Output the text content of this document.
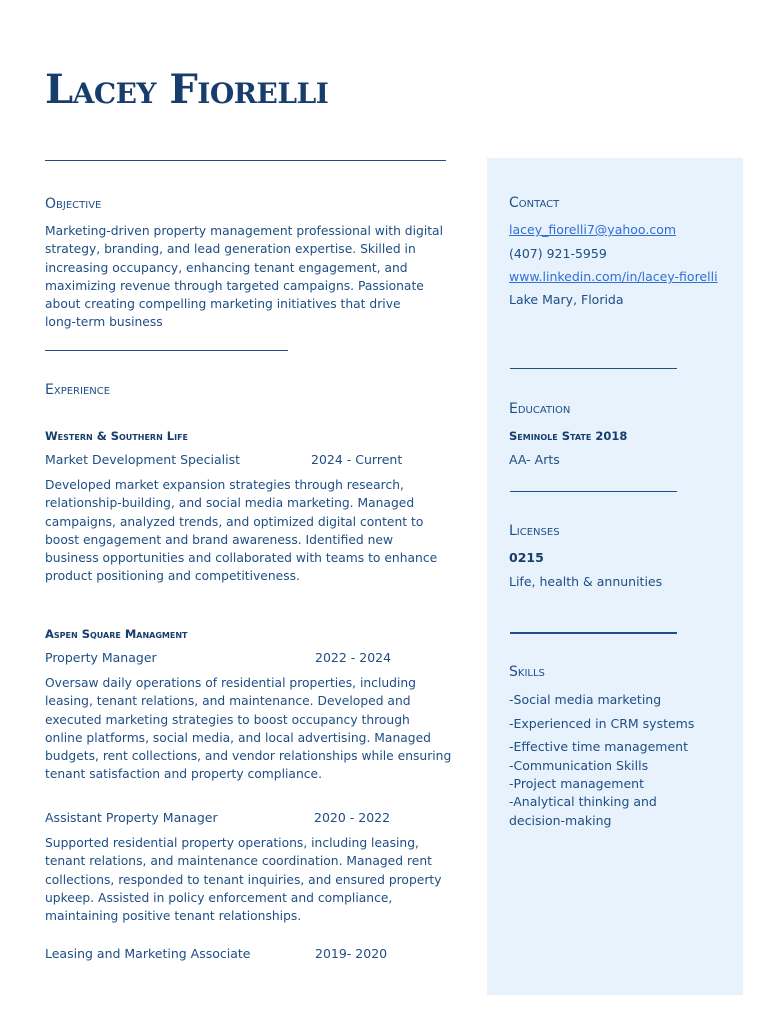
Lacey Fiorelli
Objective
Marketing-driven property management professional with digital
strategy, branding, and lead generation expertise. Skilled in
increasing occupancy, enhancing tenant engagement, and
maximizing revenue through targeted campaigns. Passionate
about creating compelling marketing initiatives that drive
long-term business
Experience
Western & Southern Life
Market Development Specialist	2024 - Current
Developed market expansion strategies through research,
relationship-building, and social media marketing. Managed
campaigns, analyzed trends, and optimized digital content to
boost engagement and brand awareness. Identified new
business opportunities and collaborated with teams to enhance
product positioning and competitiveness.
Aspen Square Managment
Property Manager	2022 - 2024
Oversaw daily operations of residential properties, including
leasing, tenant relations, and maintenance. Developed and
executed marketing strategies to boost occupancy through
online platforms, social media, and local advertising. Managed
budgets, rent collections, and vendor relationships while ensuring
tenant satisfaction and property compliance.
Assistant Property Manager	2020 - 2022
Supported residential property operations, including leasing,
tenant relations, and maintenance coordination. Managed rent
collections, responded to tenant inquiries, and ensured property
upkeep. Assisted in policy enforcement and compliance,
maintaining positive tenant relationships.
Leasing and Marketing Associate	2019- 2020
Contact
lacey_fiorelli7@yahoo.com
(407) 921-5959
www.linkedin.com/in/lacey-fiorelli
Lake Mary, Florida
Education
Seminole State 2018
AA- Arts
Licenses
0215
Life, health & annunities
Skills
-Social media marketing
-Experienced in CRM systems
-Effective time management
-Communication Skills
-Project management
-Analytical thinking and
decision-making
